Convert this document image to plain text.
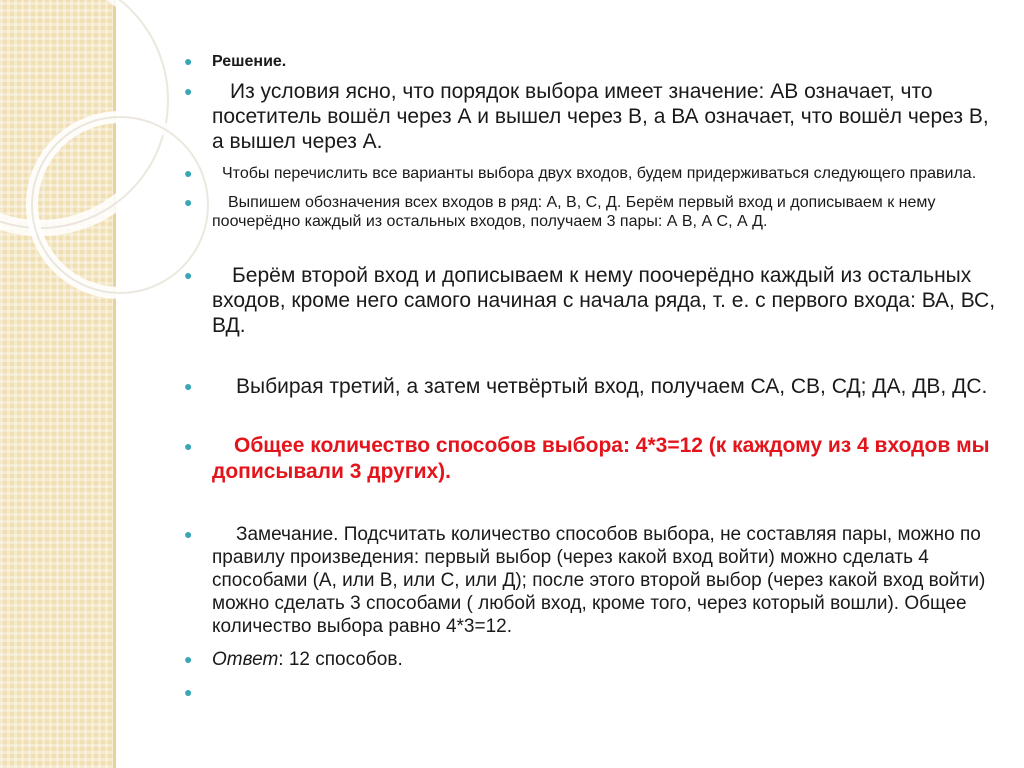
● Решение.
● Из условия ясно, что порядок выбора имеет значение: АВ означает, что посетитель вошёл через А и вышел через В, а ВА означает, что вошёл через В, а вышел через А.
● Чтобы перечислить все варианты выбора двух входов, будем придерживаться следующего правила.
● Выпишем обозначения всех входов в ряд: А, В, С, Д. Берём первый вход и дописываем к нему поочерёдно каждый из остальных входов, получаем 3 пары: А В, А С, А Д.
● Берём второй вход и дописываем к нему поочерёдно каждый из остальных входов, кроме него самого начиная с начала ряда, т. е. с первого входа: ВА, ВС, ВД.
● Выбирая третий, а затем четвёртый вход, получаем СА, СВ, СД; ДА, ДВ, ДС.
● Общее количество способов выбора: 4*3=12 (к каждому из 4 входов мы дописывали 3 других).
● Замечание. Подсчитать количество способов выбора, не составляя пары, можно по правилу произведения: первый выбор (через какой вход войти) можно сделать 4 способами (А, или В, или С, или Д); после этого второй выбор (через какой вход войти) можно сделать 3 способами ( любой вход, кроме того, через который вошли). Общее количество выбора равно 4*3=12.
● Ответ: 12 способов.
●
